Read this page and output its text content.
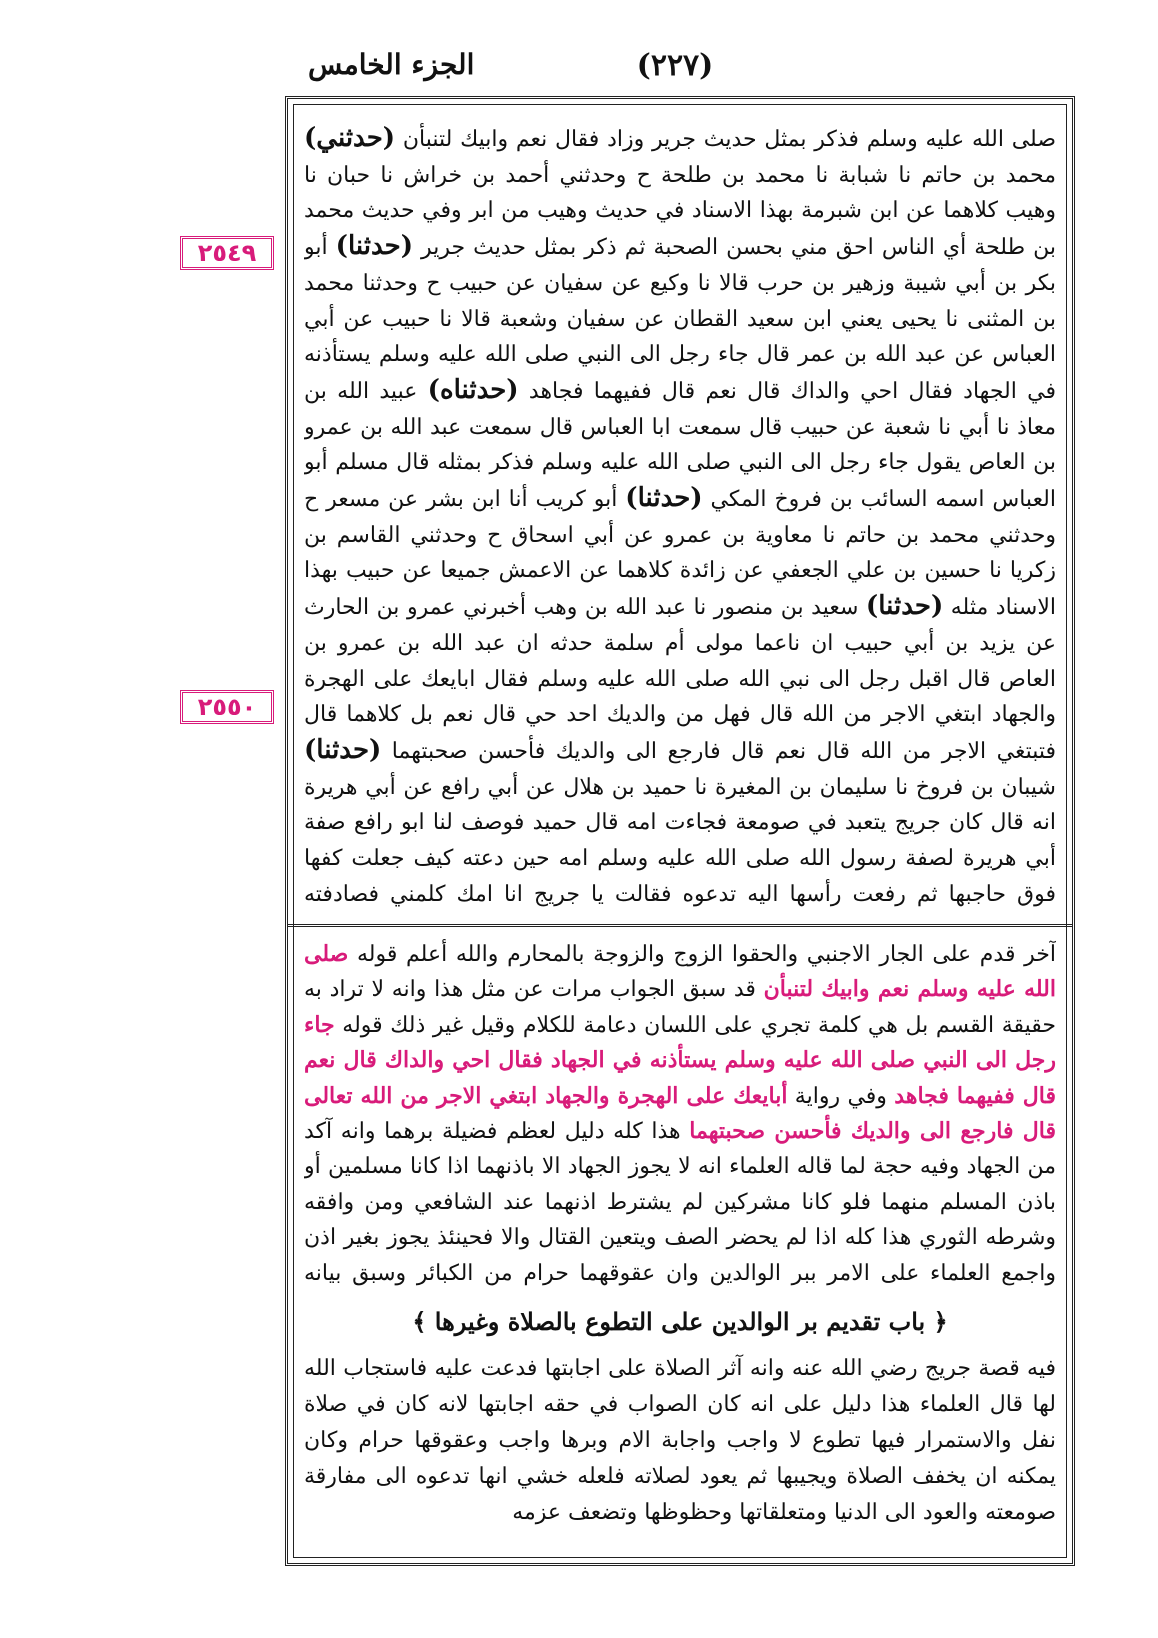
(٢٢٧)
الجزء الخامس
٢٥٤٩
٢٥٥٠

صلى الله عليه وسلم فذكر بمثل حديث جرير وزاد فقال نعم وابيك لتنبأن (حدثني) محمد بن حاتم نا شبابة نا محمد بن طلحة ح وحدثني أحمد بن خراش نا حبان نا وهيب كلاهما عن ابن شبرمة بهذا الاسناد في حديث وهيب من ابر وفي حديث محمد بن طلحة أي الناس احق مني بحسن الصحبة ثم ذكر بمثل حديث جرير (حدثنا) أبو بكر بن أبي شيبة وزهير بن حرب قالا نا وكيع عن سفيان عن حبيب ح وحدثنا محمد بن المثنى نا يحيى يعني ابن سعيد القطان عن سفيان وشعبة قالا نا حبيب عن أبي العباس عن عبد الله بن عمر قال جاء رجل الى النبي صلى الله عليه وسلم يستأذنه في الجهاد فقال احي والداك قال نعم قال ففيهما فجاهد (حدثناه) عبيد الله بن معاذ نا أبي نا شعبة عن حبيب قال سمعت ابا العباس قال سمعت عبد الله بن عمرو بن العاص يقول جاء رجل الى النبي صلى الله عليه وسلم فذكر بمثله قال مسلم أبو العباس اسمه السائب بن فروخ المكي (حدثنا) أبو كريب أنا ابن بشر عن مسعر ح وحدثني محمد بن حاتم نا معاوية بن عمرو عن أبي اسحاق ح وحدثني القاسم بن زكريا نا حسين بن علي الجعفي عن زائدة كلاهما عن الاعمش جميعا عن حبيب بهذا الاسناد مثله (حدثنا) سعيد بن منصور نا عبد الله بن وهب أخبرني عمرو بن الحارث عن يزيد بن أبي حبيب ان ناعما مولى أم سلمة حدثه ان عبد الله بن عمرو بن العاص قال اقبل رجل الى نبي الله صلى الله عليه وسلم فقال ابايعك على الهجرة والجهاد ابتغي الاجر من الله قال فهل من والديك احد حي قال نعم بل كلاهما قال فتبتغي الاجر من الله قال نعم قال فارجع الى والديك فأحسن صحبتهما (حدثنا) شيبان بن فروخ نا سليمان بن المغيرة نا حميد بن هلال عن أبي رافع عن أبي هريرة انه قال كان جريج يتعبد في صومعة فجاءت امه قال حميد فوصف لنا ابو رافع صفة أبي هريرة لصفة رسول الله صلى الله عليه وسلم امه حين دعته كيف جعلت كفها فوق حاجبها ثم رفعت رأسها اليه تدعوه فقالت يا جريج انا امك كلمني فصادفته

آخر قدم على الجار الاجنبي والحقوا الزوج والزوجة بالمحارم والله أعلم قوله صلى الله عليه وسلم نعم وابيك لتنبأن قد سبق الجواب مرات عن مثل هذا وانه لا تراد به حقيقة القسم بل هي كلمة تجري على اللسان دعامة للكلام وقيل غير ذلك قوله جاء رجل الى النبي صلى الله عليه وسلم يستأذنه في الجهاد فقال احي والداك قال نعم قال ففيهما فجاهد وفي رواية أبايعك على الهجرة والجهاد ابتغي الاجر من الله تعالى قال فارجع الى والديك فأحسن صحبتهما هذا كله دليل لعظم فضيلة برهما وانه آكد من الجهاد وفيه حجة لما قاله العلماء انه لا يجوز الجهاد الا باذنهما اذا كانا مسلمين أو باذن المسلم منهما فلو كانا مشركين لم يشترط اذنهما عند الشافعي ومن وافقه وشرطه الثوري هذا كله اذا لم يحضر الصف ويتعين القتال والا فحينئذ يجوز بغير اذن واجمع العلماء على الامر ببر الوالدين وان عقوقهما حرام من الكبائر وسبق بيانه

﴿ باب تقديم بر الوالدين على التطوع بالصلاة وغيرها ﴾

فيه قصة جريج رضي الله عنه وانه آثر الصلاة على اجابتها فدعت عليه فاستجاب الله لها قال العلماء هذا دليل على انه كان الصواب في حقه اجابتها لانه كان في صلاة نفل والاستمرار فيها تطوع لا واجب واجابة الام وبرها واجب وعقوقها حرام وكان يمكنه ان يخفف الصلاة ويجيبها ثم يعود لصلاته فلعله خشي انها تدعوه الى مفارقة صومعته والعود الى الدنيا ومتعلقاتها وحظوظها وتضعف عزمه
